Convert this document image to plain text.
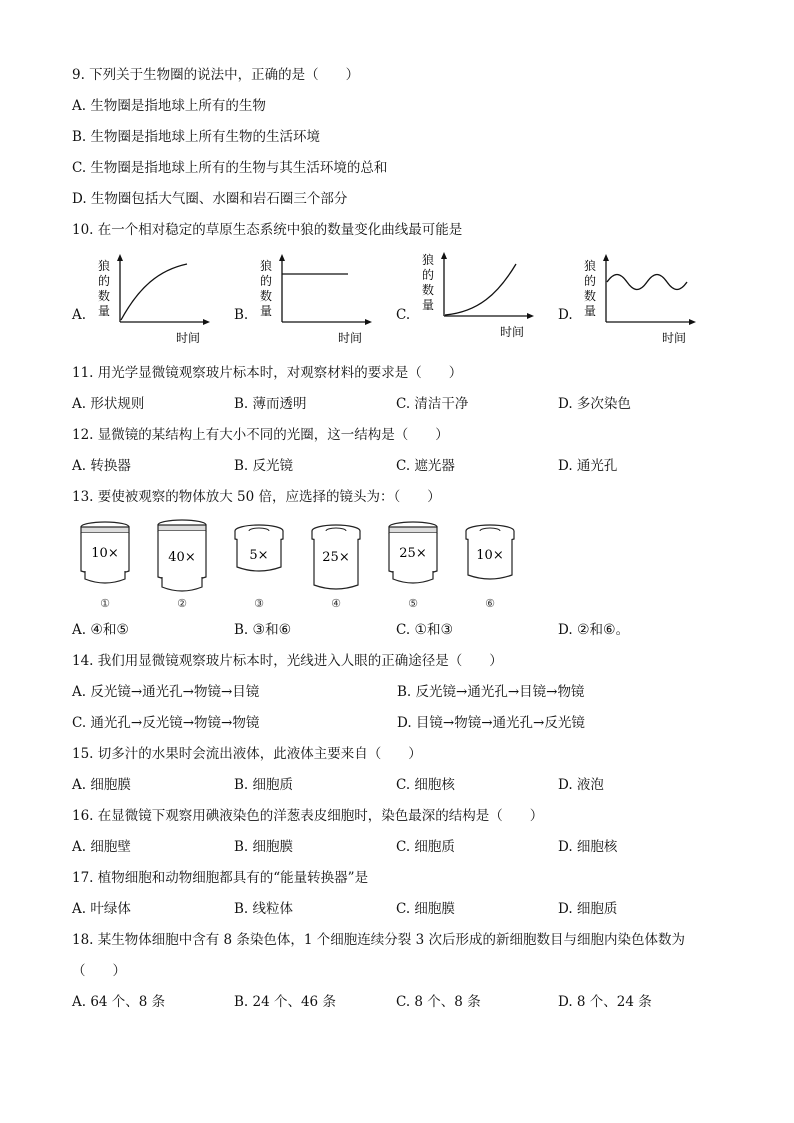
9. 下列关于生物圈的说法中，正确的是（　　）
A. 生物圈是指地球上所有的生物
B. 生物圈是指地球上所有生物的生活环境
C. 生物圈是指地球上所有的生物与其生活环境的总和
D. 生物圈包括大气圈、水圈和岩石圈三个部分
10. 在一个相对稳定的草原生态系统中狼的数量变化曲线最可能是
A.
狼
的
数
量
时间
B.
狼
的
数
量
时间
C.
狼
的
数
量
时间
D.
狼
的
数
量
时间
11. 用光学显微镜观察玻片标本时，对观察材料的要求是（　　）
A. 形状规则	B. 薄而透明	C. 清洁干净	D. 多次染色
12. 显微镜的某结构上有大小不同的光圈，这一结构是（　　）
A. 转换器	B. 反光镜	C. 遮光器	D. 通光孔
13. 要使被观察的物体放大 50 倍，应选择的镜头为：（　　）
10×
①
40×
②
5×
③
25×
④
25×
⑤
10×
⑥
A. ④和⑤	B. ③和⑥	C. ①和③	D. ②和⑥。
14. 我们用显微镜观察玻片标本时，光线进入人眼的正确途径是（　　）
A. 反光镜→通光孔→物镜→目镜	B. 反光镜→通光孔→目镜→物镜
C. 通光孔→反光镜→物镜→物镜	D. 目镜→物镜→通光孔→反光镜
15. 切多汁的水果时会流出液体，此液体主要来自（　　）
A. 细胞膜	B. 细胞质	C. 细胞核	D. 液泡
16. 在显微镜下观察用碘液染色的洋葱表皮细胞时，染色最深的结构是（　　）
A. 细胞壁	B. 细胞膜	C. 细胞质	D. 细胞核
17. 植物细胞和动物细胞都具有的“能量转换器”是
A. 叶绿体	B. 线粒体	C. 细胞膜	D. 细胞质
18. 某生物体细胞中含有 8 条染色体，1 个细胞连续分裂 3 次后形成的新细胞数目与细胞内染色体数为
（　　）
A. 64 个、8 条	B. 24 个、46 条	C. 8 个、8 条	D. 8 个、24 条
